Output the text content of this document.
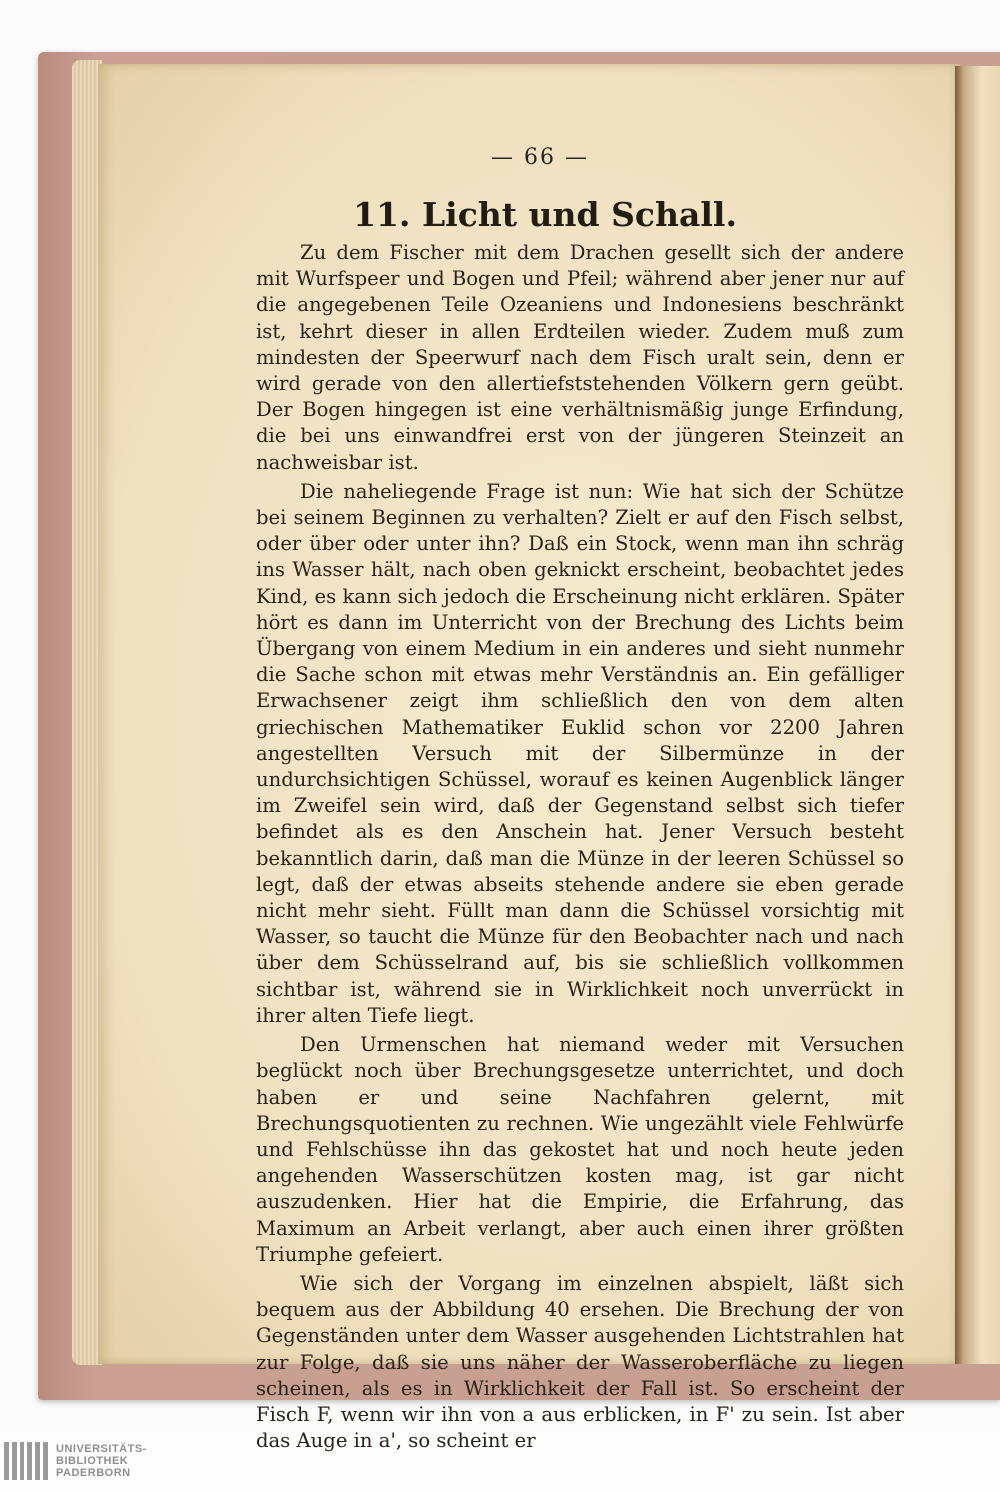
— 66 —
11. Licht und Schall.

Zu dem Fischer mit dem Drachen gesellt sich der andere mit Wurfspeer und Bogen und Pfeil; während aber jener nur auf die angegebenen Teile Ozeaniens und Indonesiens beschränkt ist, kehrt dieser in allen Erdteilen wieder. Zudem muß zum mindesten der Speerwurf nach dem Fisch uralt sein, denn er wird gerade von den allertiefststehenden Völkern gern geübt. Der Bogen hingegen ist eine verhältnismäßig junge Erfindung, die bei uns einwandfrei erst von der jüngeren Steinzeit an nachweisbar ist.

Die naheliegende Frage ist nun: Wie hat sich der Schütze bei seinem Beginnen zu verhalten? Zielt er auf den Fisch selbst, oder über oder unter ihn? Daß ein Stock, wenn man ihn schräg ins Wasser hält, nach oben geknickt erscheint, beobachtet jedes Kind, es kann sich jedoch die Erscheinung nicht erklären. Später hört es dann im Unterricht von der Brechung des Lichts beim Übergang von einem Medium in ein anderes und sieht nunmehr die Sache schon mit etwas mehr Verständnis an. Ein gefälliger Erwachsener zeigt ihm schließlich den von dem alten griechischen Mathematiker Euklid schon vor 2200 Jahren angestellten Versuch mit der Silbermünze in der undurchsichtigen Schüssel, worauf es keinen Augenblick länger im Zweifel sein wird, daß der Gegenstand selbst sich tiefer befindet als es den Anschein hat. Jener Versuch besteht bekanntlich darin, daß man die Münze in der leeren Schüssel so legt, daß der etwas abseits stehende andere sie eben gerade nicht mehr sieht. Füllt man dann die Schüssel vorsichtig mit Wasser, so taucht die Münze für den Beobachter nach und nach über dem Schüsselrand auf, bis sie schließlich vollkommen sichtbar ist, während sie in Wirklichkeit noch unverrückt in ihrer alten Tiefe liegt.

Den Urmenschen hat niemand weder mit Versuchen beglückt noch über Brechungsgesetze unterrichtet, und doch haben er und seine Nachfahren gelernt, mit Brechungsquotienten zu rechnen. Wie ungezählt viele Fehlwürfe und Fehlschüsse ihn das gekostet hat und noch heute jeden angehenden Wasserschützen kosten mag, ist gar nicht auszudenken. Hier hat die Empirie, die Erfahrung, das Maximum an Arbeit verlangt, aber auch einen ihrer größten Triumphe gefeiert.

Wie sich der Vorgang im einzelnen abspielt, läßt sich bequem aus der Abbildung 40 ersehen. Die Brechung der von Gegenständen unter dem Wasser ausgehenden Lichtstrahlen hat zur Folge, daß sie uns näher der Wasseroberfläche zu liegen scheinen, als es in Wirklichkeit der Fall ist. So erscheint der Fisch F, wenn wir ihn von a aus erblicken, in F' zu sein. Ist aber das Auge in a', so scheint er

UNIVERSITÄTS-
BIBLIOTHEK
PADERBORN
